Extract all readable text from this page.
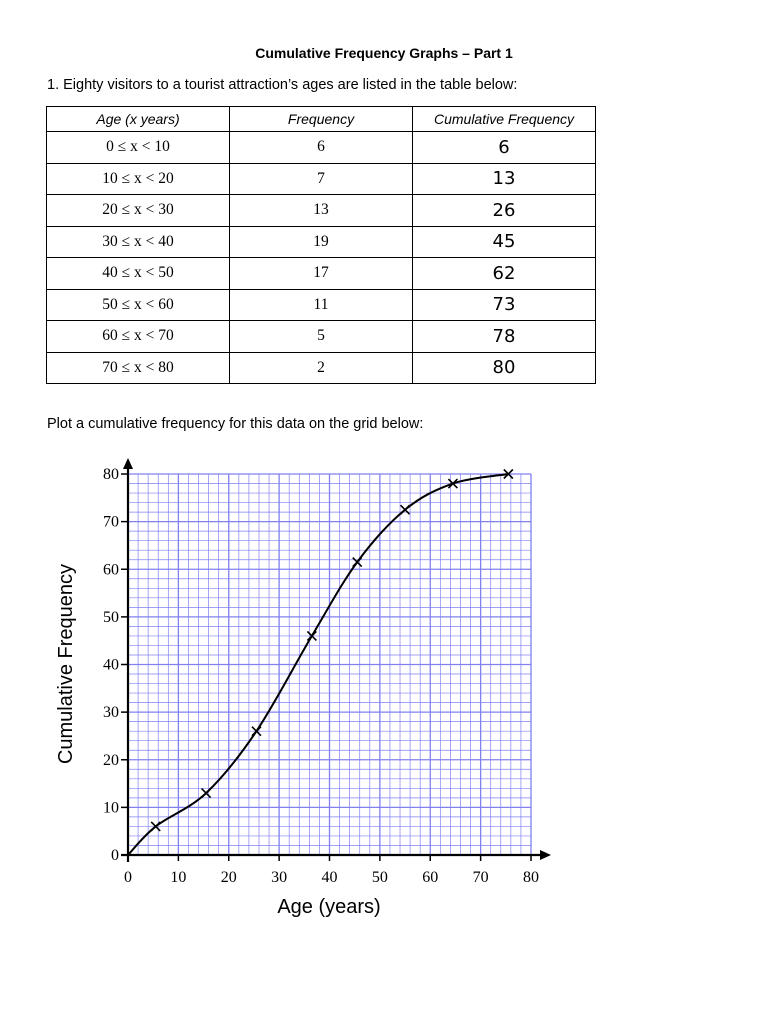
Cumulative Frequency Graphs – Part 1
1. Eighty visitors to a tourist attraction’s ages are listed in the table below:
Age (x years)	Frequency	Cumulative Frequency
0 ≤ x < 10	6	6
10 ≤ x < 20	7	13
20 ≤ x < 30	13	26
30 ≤ x < 40	19	45
40 ≤ x < 50	17	62
50 ≤ x < 60	11	73
60 ≤ x < 70	5	78
70 ≤ x < 80	2	80
Plot a cumulative frequency for this data on the grid below:
0 10 20 30 40 50 60 70 80
0
10
20
30
40
50
60
70
80
Age (years)
Cumulative Frequency
